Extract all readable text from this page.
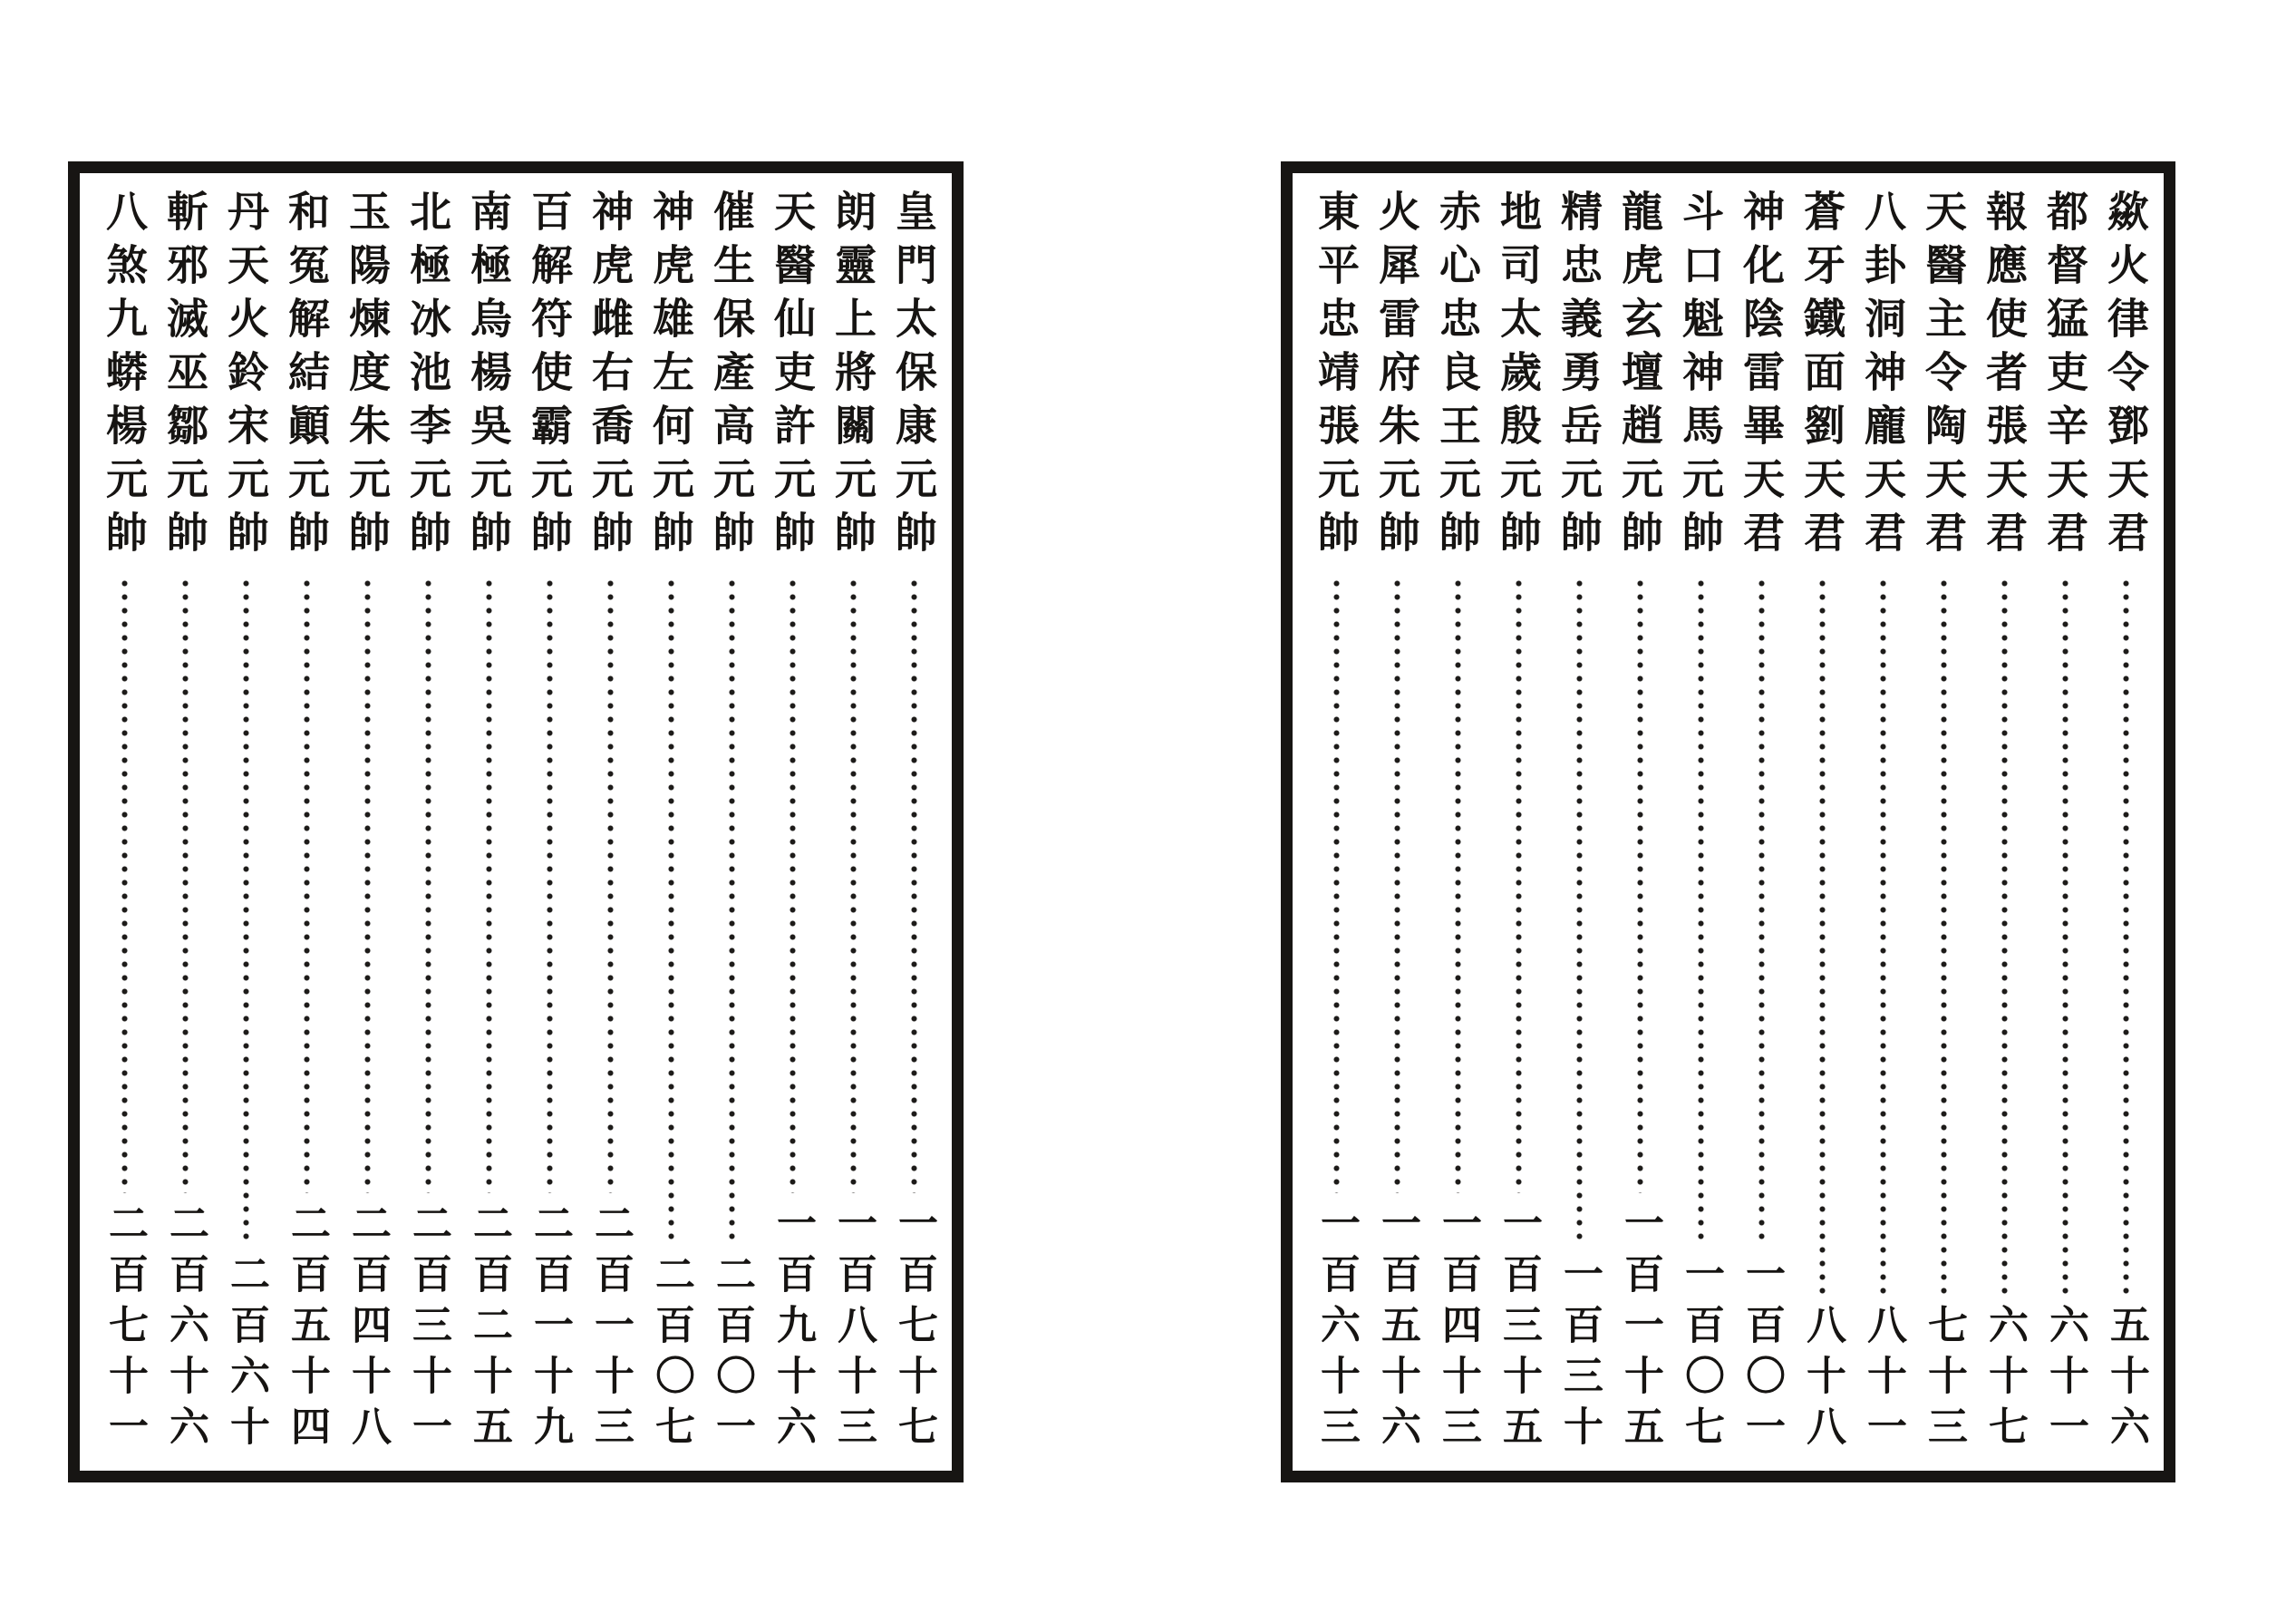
皇門太保康元帥
一百七十七
朗靈上將關元帥
一百八十三
天醫仙吏許元帥
一百九十六
催生保產高元帥
二百〇一
神虎雄左何元帥
二百〇七
神虎雌右喬元帥
二百一十三
百解符使霸元帥
二百一十九
南極烏楊吳元帥
二百二十五
北極冰池李元帥
二百三十一
玉陽煉度朱元帥
二百四十八
和冤解結顚元帥
二百五十四
丹天火鈴宋元帥
二百六十
斬邪滅巫鄒元帥
二百六十六
八煞九蟒楊元帥
二百七十一
歘火律令鄧天君
五十六
都督猛吏辛天君
六十一
報應使者張天君
六十七
天醫主令陶天君
七十三
八卦洞神龐天君
八十一
蒼牙鐵面劉天君
八十八
神化陰雷畢天君
一百〇一
斗口魁神馬元帥
一百〇七
龍虎玄壇趙元帥
一百一十五
精忠義勇岳元帥
一百三十
地司太歲殷元帥
一百三十五
赤心忠良王元帥
一百四十三
火犀雷府朱元帥
一百五十六
東平忠靖張元帥
一百六十三
